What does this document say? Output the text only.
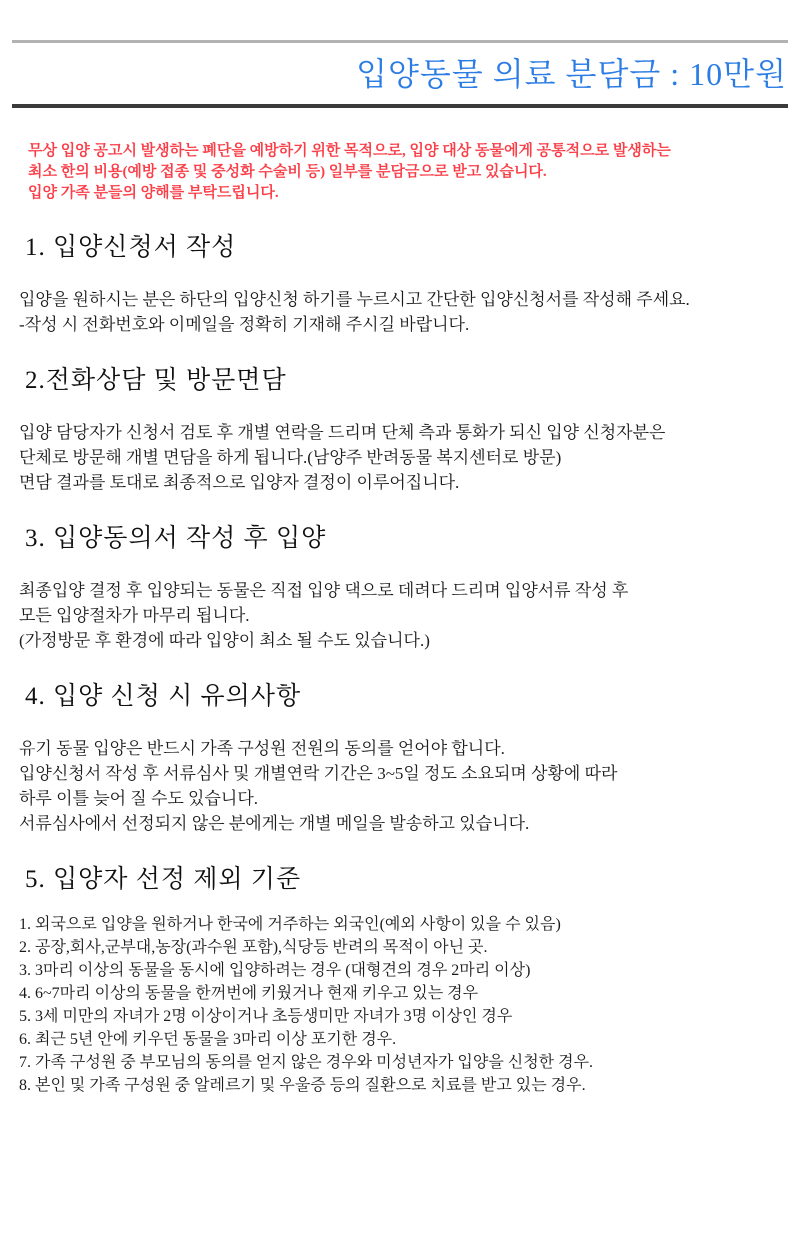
입양동물 의료 분담금 : 10만원

무상 입양 공고시 발생하는 폐단을 예방하기 위한 목적으로, 입양 대상 동물에게 공통적으로 발생하는
최소 한의 비용(예방 접종 및 중성화 수술비 등) 일부를 분담금으로 받고 있습니다.
입양 가족 분들의 양해를 부탁드립니다.

1. 입양신청서 작성

입양을 원하시는 분은 하단의 입양신청 하기를 누르시고 간단한 입양신청서를 작성해 주세요.
-작성 시 전화번호와 이메일을 정확히 기재해 주시길 바랍니다.

2.전화상담 및 방문면담

입양 담당자가 신청서 검토 후 개별 연락을 드리며 단체 측과 통화가 되신 입양 신청자분은
단체로 방문해 개별 면담을 하게 됩니다.(남양주 반려동물 복지센터로 방문)
면담 결과를 토대로 최종적으로 입양자 결정이 이루어집니다.

3. 입양동의서 작성 후 입양

최종입양 결정 후 입양되는 동물은 직접 입양 댁으로 데려다 드리며 입양서류 작성 후
모든 입양절차가 마무리 됩니다.
(가정방문 후 환경에 따라 입양이 최소 될 수도 있습니다.)

4. 입양 신청 시 유의사항

유기 동물 입양은 반드시 가족 구성원 전원의 동의를 얻어야 합니다.
입양신청서 작성 후 서류심사 및 개별연락 기간은 3~5일 정도 소요되며 상황에 따라
하루 이틀 늦어 질 수도 있습니다.
서류심사에서 선정되지 않은 분에게는 개별 메일을 발송하고 있습니다.

5. 입양자 선정 제외 기준
1. 외국으로 입양을 원하거나 한국에 거주하는 외국인(예외 사항이 있을 수 있음)
2. 공장,회사,군부대,농장(과수원 포함),식당등 반려의 목적이 아닌 곳.
3. 3마리 이상의 동물을 동시에 입양하려는 경우 (대형견의 경우 2마리 이상)
4. 6~7마리 이상의 동물을 한꺼번에 키웠거나 현재 키우고 있는 경우
5. 3세 미만의 자녀가 2명 이상이거나 초등생미만 자녀가 3명 이상인 경우
6. 최근 5년 안에 키우던 동물을 3마리 이상 포기한 경우.
7. 가족 구성원 중 부모님의 동의를 얻지 않은 경우와 미성년자가 입양을 신청한 경우.
8. 본인 및 가족 구성원 중 알레르기 및 우울증 등의 질환으로 치료를 받고 있는 경우.
